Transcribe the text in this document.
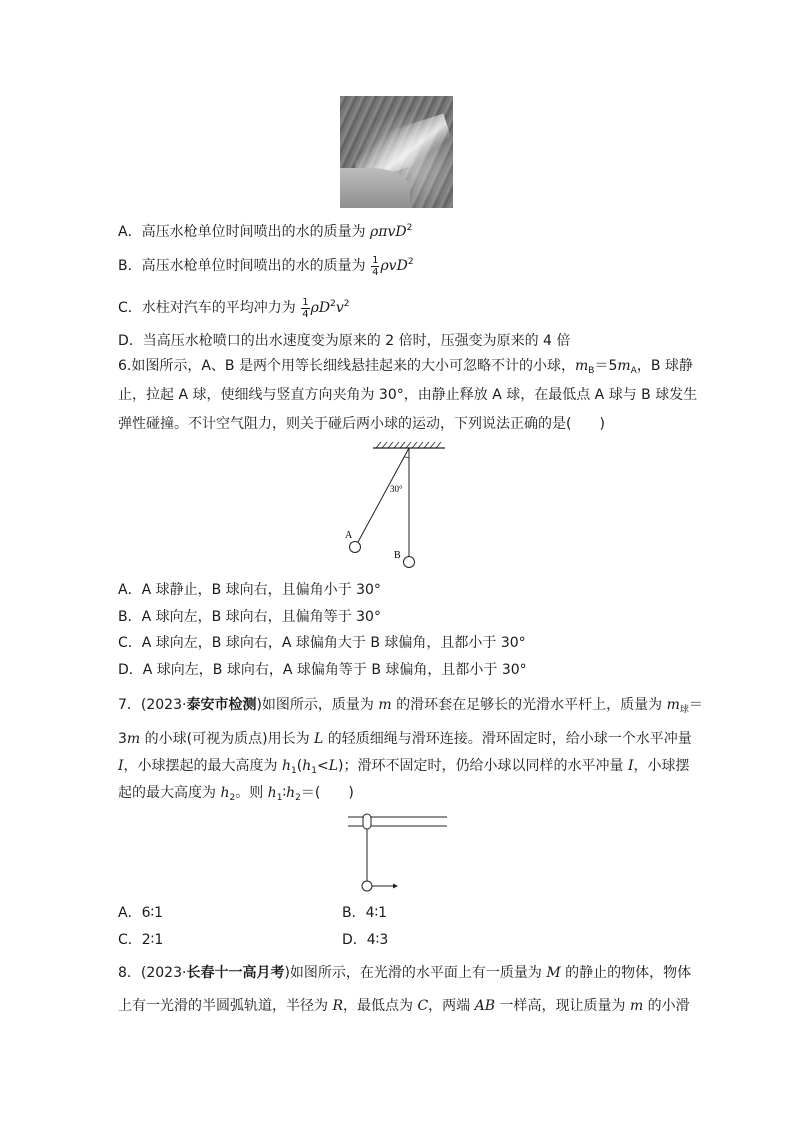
A．高压水枪单位时间喷出的水的质量为 ρπvD$^2$
B．高压水枪单位时间喷出的水的质量为 $\frac{1}{4} \rho vD^2$
C．水柱对汽车的平均冲力为 $\frac{1}{4} \rho D^2v^2$
D．当高压水枪喷口的出水速度变为原来的 2 倍时，压强变为原来的 4 倍
6.如图所示，A、B 是两个用等长细线悬挂起来的大小可忽略不计的小球，$m_B=5m_A$，B 球静
止，拉起 A 球，使细线与竖直方向夹角为 30°，由静止释放 A 球，在最低点 A 球与 B 球发生
弹性碰撞。不计空气阻力，则关于碰后两小球的运动，下列说法正确的是(　　)
30°
A
B
A．A 球静止，B 球向右，且偏角小于 30°
B．A 球向左，B 球向右，且偏角等于 30°
C．A 球向左，B 球向右，A 球偏角大于 B 球偏角，且都小于 30°
D．A 球向左，B 球向右，A 球偏角等于 B 球偏角，且都小于 30°
7．(2023·泰安市检测)如图所示，质量为 m 的滑环套在足够长的光滑水平杆上，质量为 $m_球=$
3m 的小球(可视为质点)用长为 L 的轻质细绳与滑环连接。滑环固定时，给小球一个水平冲量
I，小球摆起的最大高度为 $h_1(h_1<L)$；滑环不固定时，仍给小球以同样的水平冲量 I，小球摆
起的最大高度为 $h_2$。则 $h_1∶h_2=$(　　)
A．6∶1	B．4∶1
C．2∶1	D．4∶3
8．(2023·长春十一高月考)如图所示，在光滑的水平面上有一质量为 M 的静止的物体，物体
上有一光滑的半圆弧轨道，半径为 R，最低点为 C，两端 AB 一样高，现让质量为 m 的小滑
